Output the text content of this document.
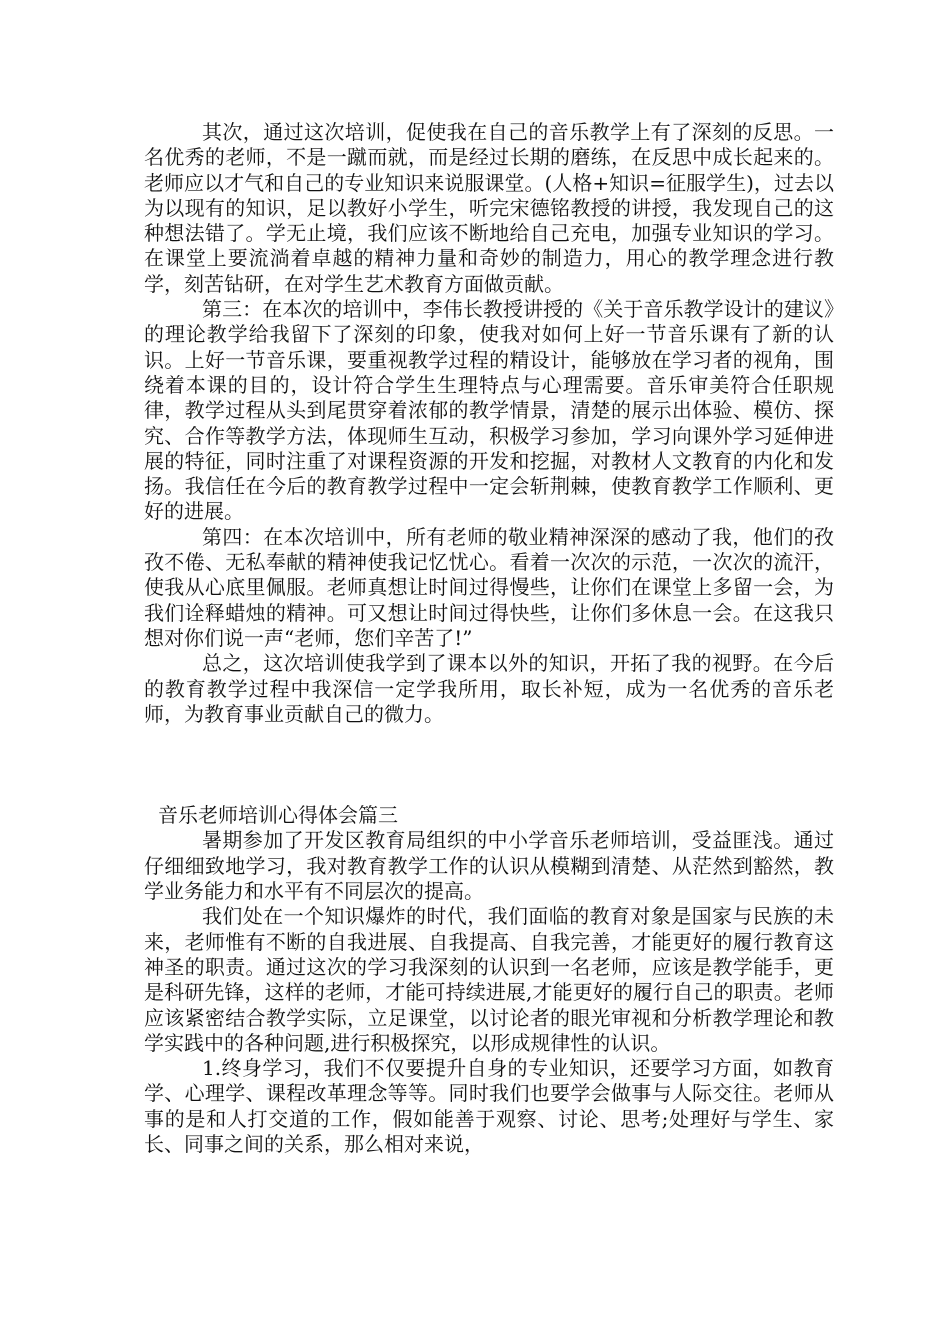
其次，通过这次培训，促使我在自己的音乐教学上有了深刻的反思。一名优秀的老师，不是一蹴而就，而是经过长期的磨练，在反思中成长起来的。老师应以才气和自己的专业知识来说服课堂。(人格+知识=征服学生)，过去以为以现有的知识，足以教好小学生，听完宋德铭教授的讲授，我发现自己的这种想法错了。学无止境，我们应该不断地给自己充电，加强专业知识的学习。在课堂上要流淌着卓越的精神力量和奇妙的制造力，用心的教学理念进行教学，刻苦钻研，在对学生艺术教育方面做贡献。

第三：在本次的培训中，李伟长教授讲授的《关于音乐教学设计的建议》的理论教学给我留下了深刻的印象，使我对如何上好一节音乐课有了新的认识。上好一节音乐课，要重视教学过程的精设计，能够放在学习者的视角，围绕着本课的目的，设计符合学生生理特点与心理需要。音乐审美符合任职规律，教学过程从头到尾贯穿着浓郁的教学情景，清楚的展示出体验、模仿、探究、合作等教学方法，体现师生互动，积极学习参加，学习向课外学习延伸进展的特征，同时注重了对课程资源的开发和挖掘，对教材人文教育的内化和发扬。我信任在今后的教育教学过程中一定会斩荆棘，使教育教学工作顺利、更好的进展。

第四：在本次培训中，所有老师的敬业精神深深的感动了我，他们的孜孜不倦、无私奉献的精神使我记忆忧心。看着一次次的示范，一次次的流汗，使我从心底里佩服。老师真想让时间过得慢些，让你们在课堂上多留一会，为我们诠释蜡烛的精神。可又想让时间过得快些，让你们多休息一会。在这我只想对你们说一声“老师，您们辛苦了!”

总之，这次培训使我学到了课本以外的知识，开拓了我的视野。在今后的教育教学过程中我深信一定学我所用，取长补短，成为一名优秀的音乐老师，为教育事业贡献自己的微力。

音乐老师培训心得体会篇三

暑期参加了开发区教育局组织的中小学音乐老师培训，受益匪浅。通过仔细细致地学习，我对教育教学工作的认识从模糊到清楚、从茫然到豁然，教学业务能力和水平有不同层次的提高。

我们处在一个知识爆炸的时代，我们面临的教育对象是国家与民族的未来，老师惟有不断的自我进展、自我提高、自我完善，才能更好的履行教育这神圣的职责。通过这次的学习我深刻的认识到一名老师，应该是教学能手，更是科研先锋，这样的老师，才能可持续进展,才能更好的履行自己的职责。老师应该紧密结合教学实际，立足课堂，以讨论者的眼光审视和分析教学理论和教学实践中的各种问题,进行积极探究，以形成规律性的认识。

1.终身学习，我们不仅要提升自身的专业知识，还要学习方面，如教育学、心理学、课程改革理念等等。同时我们也要学会做事与人际交往。老师从事的是和人打交道的工作，假如能善于观察、讨论、思考;处理好与学生、家长、同事之间的关系，那么相对来说，
